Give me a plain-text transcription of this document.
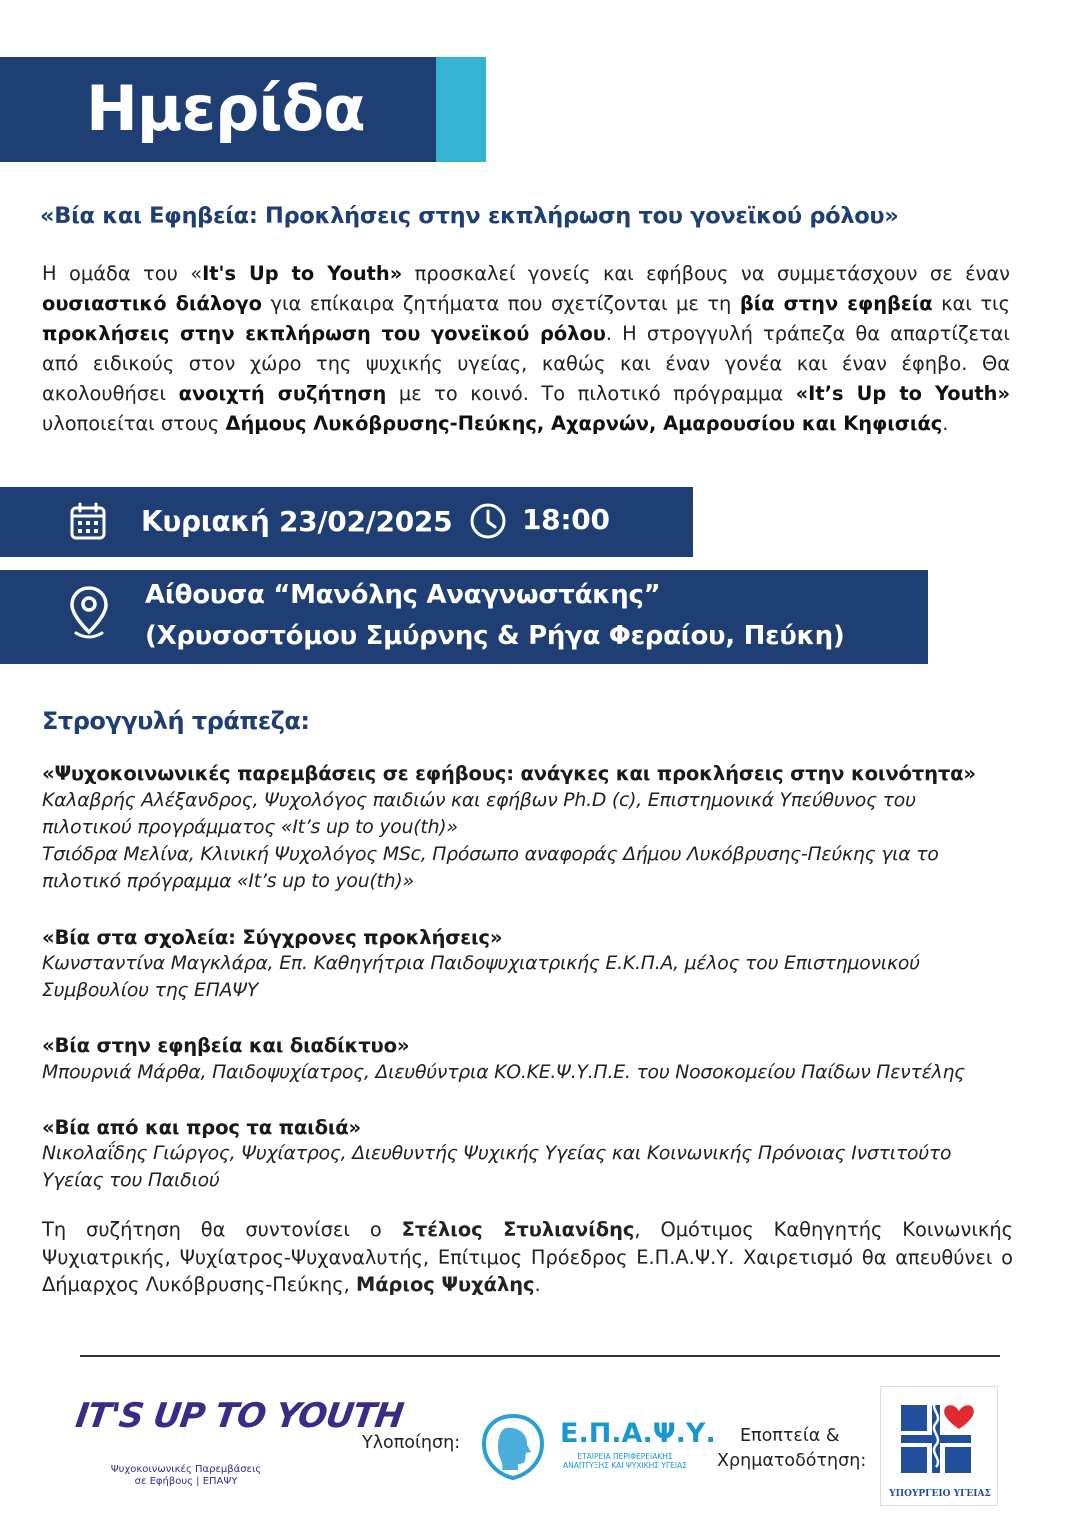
Ημερίδα
«Βία και Εφηβεία: Προκλήσεις στην εκπλήρωση του γονεϊκού ρόλου»

Η ομάδα του «It's Up to Youth» προσκαλεί γονείς και εφήβους να συμμετάσχουν σε έναν ουσιαστικό διάλογο για επίκαιρα ζητήματα που σχετίζονται με τη βία στην εφηβεία και τις προκλήσεις στην εκπλήρωση του γονεϊκού ρόλου. Η στρογγυλή τράπεζα θα απαρτίζεται από ειδικούς στον χώρο της ψυχικής υγείας, καθώς και έναν γονέα και έναν έφηβο. Θα ακολουθήσει ανοιχτή συζήτηση με το κοινό. Το πιλοτικό πρόγραμμα «It’s Up to Youth» υλοποιείται στους Δήμους Λυκόβρυσης-Πεύκης, Αχαρνών, Αμαρουσίου και Κηφισιάς.

Κυριακή 23/02/2025 18:00
Αίθουσα “Μανόλης Αναγνωστάκης”
(Χρυσοστόμου Σμύρνης & Ρήγα Φεραίου, Πεύκη)
Στρογγυλή τράπεζα:
«Ψυχοκοινωνικές παρεμβάσεις σε εφήβους: ανάγκες και προκλήσεις στην κοινότητα»
Καλαβρής Αλέξανδρος, Ψυχολόγος παιδιών και εφήβων Ph.D (c), Επιστημονικά Υπεύθυνος του
πιλοτικού προγράμματος «It’s up to you(th)»
Τσιόδρα Μελίνα, Κλινική Ψυχολόγος MSc, Πρόσωπο αναφοράς Δήμου Λυκόβρυσης-Πεύκης για το
πιλοτικό πρόγραμμα «It’s up to you(th)»
«Βία στα σχολεία: Σύγχρονες προκλήσεις»
Κωνσταντίνα Μαγκλάρα, Επ. Καθηγήτρια Παιδοψυχιατρικής Ε.Κ.Π.Α, μέλος του Επιστημονικού
Συμβουλίου της ΕΠΑΨΥ
«Βία στην εφηβεία και διαδίκτυο»
Μπουρνιά Μάρθα, Παιδοψυχίατρος, Διευθύντρια ΚΟ.ΚΕ.Ψ.Υ.Π.Ε. του Νοσοκομείου Παίδων Πεντέλης
«Βία από και προς τα παιδιά»
Νικολαΐδης Γιώργος, Ψυχίατρος, Διευθυντής Ψυχικής Υγείας και Κοινωνικής Πρόνοιας Ινστιτούτο
Υγείας του Παιδιού

Τη συζήτηση θα συντονίσει ο Στέλιος Στυλιανίδης, Ομότιμος Καθηγητής Κοινωνικής Ψυχιατρικής, Ψυχίατρος-Ψυχαναλυτής, Επίτιμος Πρόεδρος Ε.Π.Α.Ψ.Υ. Χαιρετισμό θα απευθύνει ο Δήμαρχος Λυκόβρυσης-Πεύκης, Μάριος Ψυχάλης.

IT'S UP TO YOUTH
Ψυχοκοινωνικές Παρεμβάσεις
σε Εφήβους | ΕΠΑΨΥ
Υλοποίηση:	Ε.Π.Α.Ψ.Υ.
ΕΤΑΙΡΕΙΑ ΠΕΡΙΦΕΡΕΙΑΚΗΣ
ΑΝΑΠΤΥΞΗΣ ΚΑΙ ΨΥΧΙΚΗΣ ΥΓΕΙΑΣ
Εποπτεία &
Χρηματοδότηση:
ΥΠΟΥΡΓΕΙΟ ΥΓΕΙΑΣ
